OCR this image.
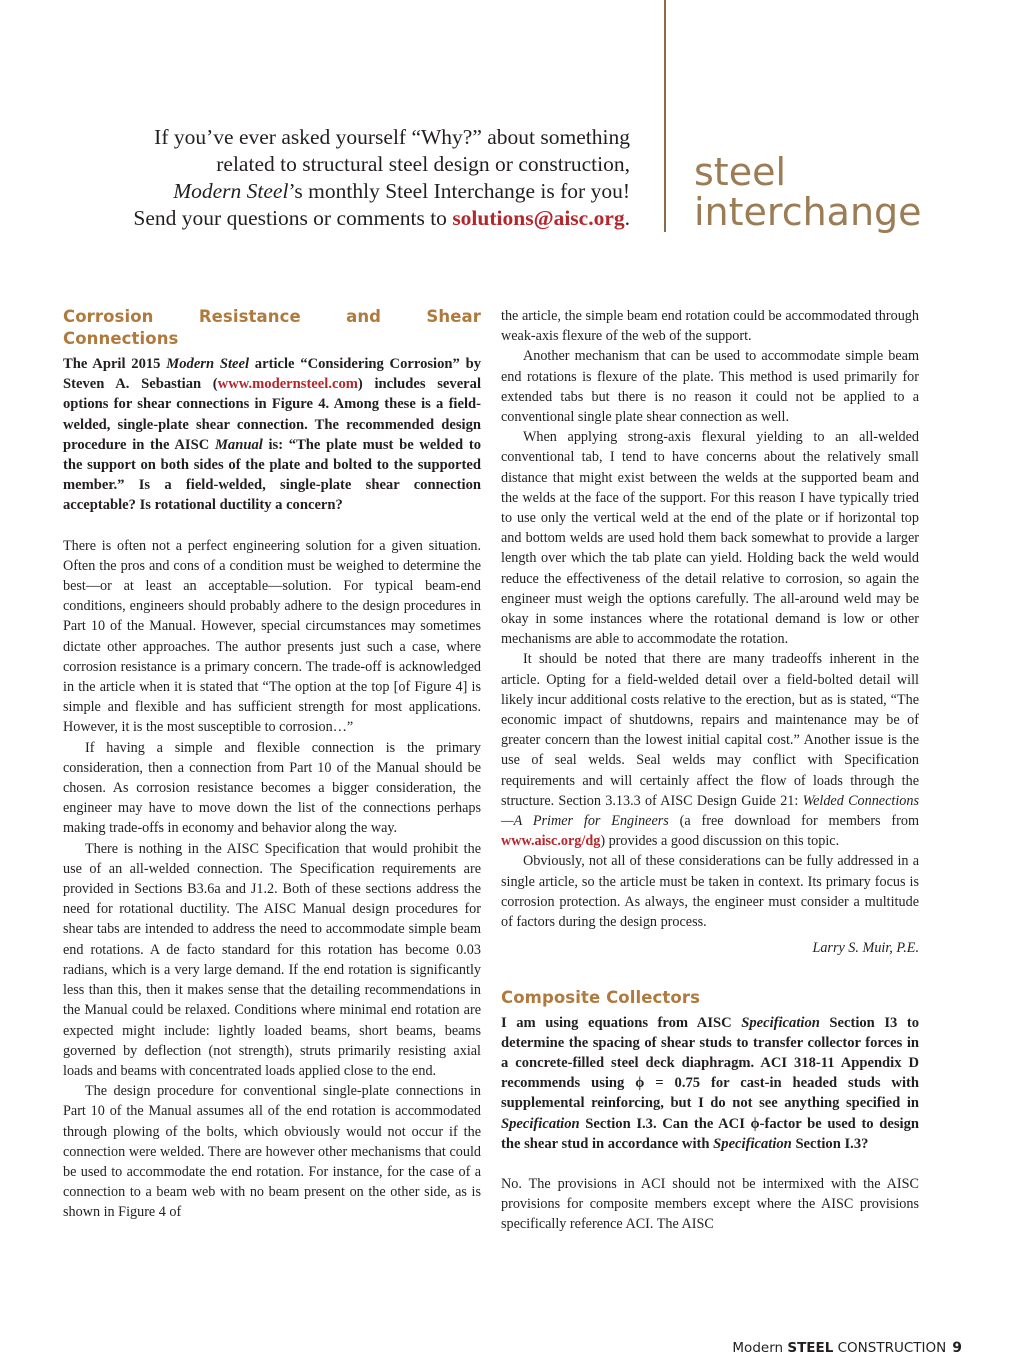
If you’ve ever asked yourself “Why?” about something
related to structural steel design or construction,
Modern Steel’s monthly Steel Interchange is for you!
Send your questions or comments to solutions@aisc.org.
steel
interchange
Corrosion Resistance and Shear Connections

The April 2015 Modern Steel article “Considering Corrosion” by Steven A. Sebastian (www.modernsteel.com) includes several options for shear connections in Figure 4. Among these is a field-welded, single-plate shear connection. The recommended design procedure in the AISC Manual is: “The plate must be welded to the support on both sides of the plate and bolted to the supported member.” Is a field-welded, single-plate shear connection acceptable? Is rotational ductility a concern?

There is often not a perfect engineering solution for a given situation. Often the pros and cons of a condition must be weighed to determine the best—or at least an acceptable—solution. For typical beam-end conditions, engineers should probably adhere to the design procedures in Part 10 of the Manual. However, special circumstances may sometimes dictate other approaches. The author presents just such a case, where corrosion resistance is a primary concern. The trade-off is acknowledged in the article when it is stated that “The option at the top [of Figure 4] is simple and flexible and has sufficient strength for most applications. However, it is the most susceptible to corrosion…”

If having a simple and flexible connection is the primary consideration, then a connection from Part 10 of the Manual should be chosen. As corrosion resistance becomes a bigger consideration, the engineer may have to move down the list of the connections perhaps making trade-offs in economy and behavior along the way.

There is nothing in the AISC Specification that would prohibit the use of an all-welded connection. The Specification requirements are provided in Sections B3.6a and J1.2. Both of these sections address the need for rotational ductility. The AISC Manual design procedures for shear tabs are intended to address the need to accommodate simple beam end rotations. A de facto standard for this rotation has become 0.03 radians, which is a very large demand. If the end rotation is significantly less than this, then it makes sense that the detailing recommendations in the Manual could be relaxed. Conditions where minimal end rotation are expected might include: lightly loaded beams, short beams, beams governed by deflection (not strength), struts primarily resisting axial loads and beams with concentrated loads applied close to the end.

The design procedure for conventional single-plate connections in Part 10 of the Manual assumes all of the end rotation is accommodated through plowing of the bolts, which obviously would not occur if the connection were welded. There are however other mechanisms that could be used to accommodate the end rotation. For instance, for the case of a connection to a beam web with no beam present on the other side, as is shown in Figure 4 of

the article, the simple beam end rotation could be accommodated through weak-axis flexure of the web of the support.

Another mechanism that can be used to accommodate simple beam end rotations is flexure of the plate. This method is used primarily for extended tabs but there is no reason it could not be applied to a conventional single plate shear connection as well.

When applying strong-axis flexural yielding to an all-welded conventional tab, I tend to have concerns about the relatively small distance that might exist between the welds at the supported beam and the welds at the face of the support. For this reason I have typically tried to use only the vertical weld at the end of the plate or if horizontal top and bottom welds are used hold them back somewhat to provide a larger length over which the tab plate can yield. Holding back the weld would reduce the effectiveness of the detail relative to corrosion, so again the engineer must weigh the options carefully. The all-around weld may be okay in some instances where the rotational demand is low or other mechanisms are able to accommodate the rotation.

It should be noted that there are many tradeoffs inherent in the article. Opting for a field-welded detail over a field-bolted detail will likely incur additional costs relative to the erection, but as is stated, “The economic impact of shutdowns, repairs and maintenance may be of greater concern than the lowest initial capital cost.” Another issue is the use of seal welds. Seal welds may conflict with Specification requirements and will certainly affect the flow of loads through the structure. Section 3.13.3 of AISC Design Guide 21: Welded Connections—A Primer for Engineers (a free download for members from www.aisc.org/dg) provides a good discussion on this topic.

Obviously, not all of these considerations can be fully addressed in a single article, so the article must be taken in context. Its primary focus is corrosion protection. As always, the engineer must consider a multitude of factors during the design process.

Larry S. Muir, P.E.

Composite Collectors

I am using equations from AISC Specification Section I3 to determine the spacing of shear studs to transfer collector forces in a concrete-filled steel deck diaphragm. ACI 318-11 Appendix D recommends using ϕ = 0.75 for cast-in headed studs with supplemental reinforcing, but I do not see anything specified in Specification Section I.3. Can the ACI ϕ-factor be used to design the shear stud in accordance with Specification Section I.3?

No. The provisions in ACI should not be intermixed with the AISC provisions for composite members except where the AISC provisions specifically reference ACI. The AISC

Modern STEEL CONSTRUCTION 9
